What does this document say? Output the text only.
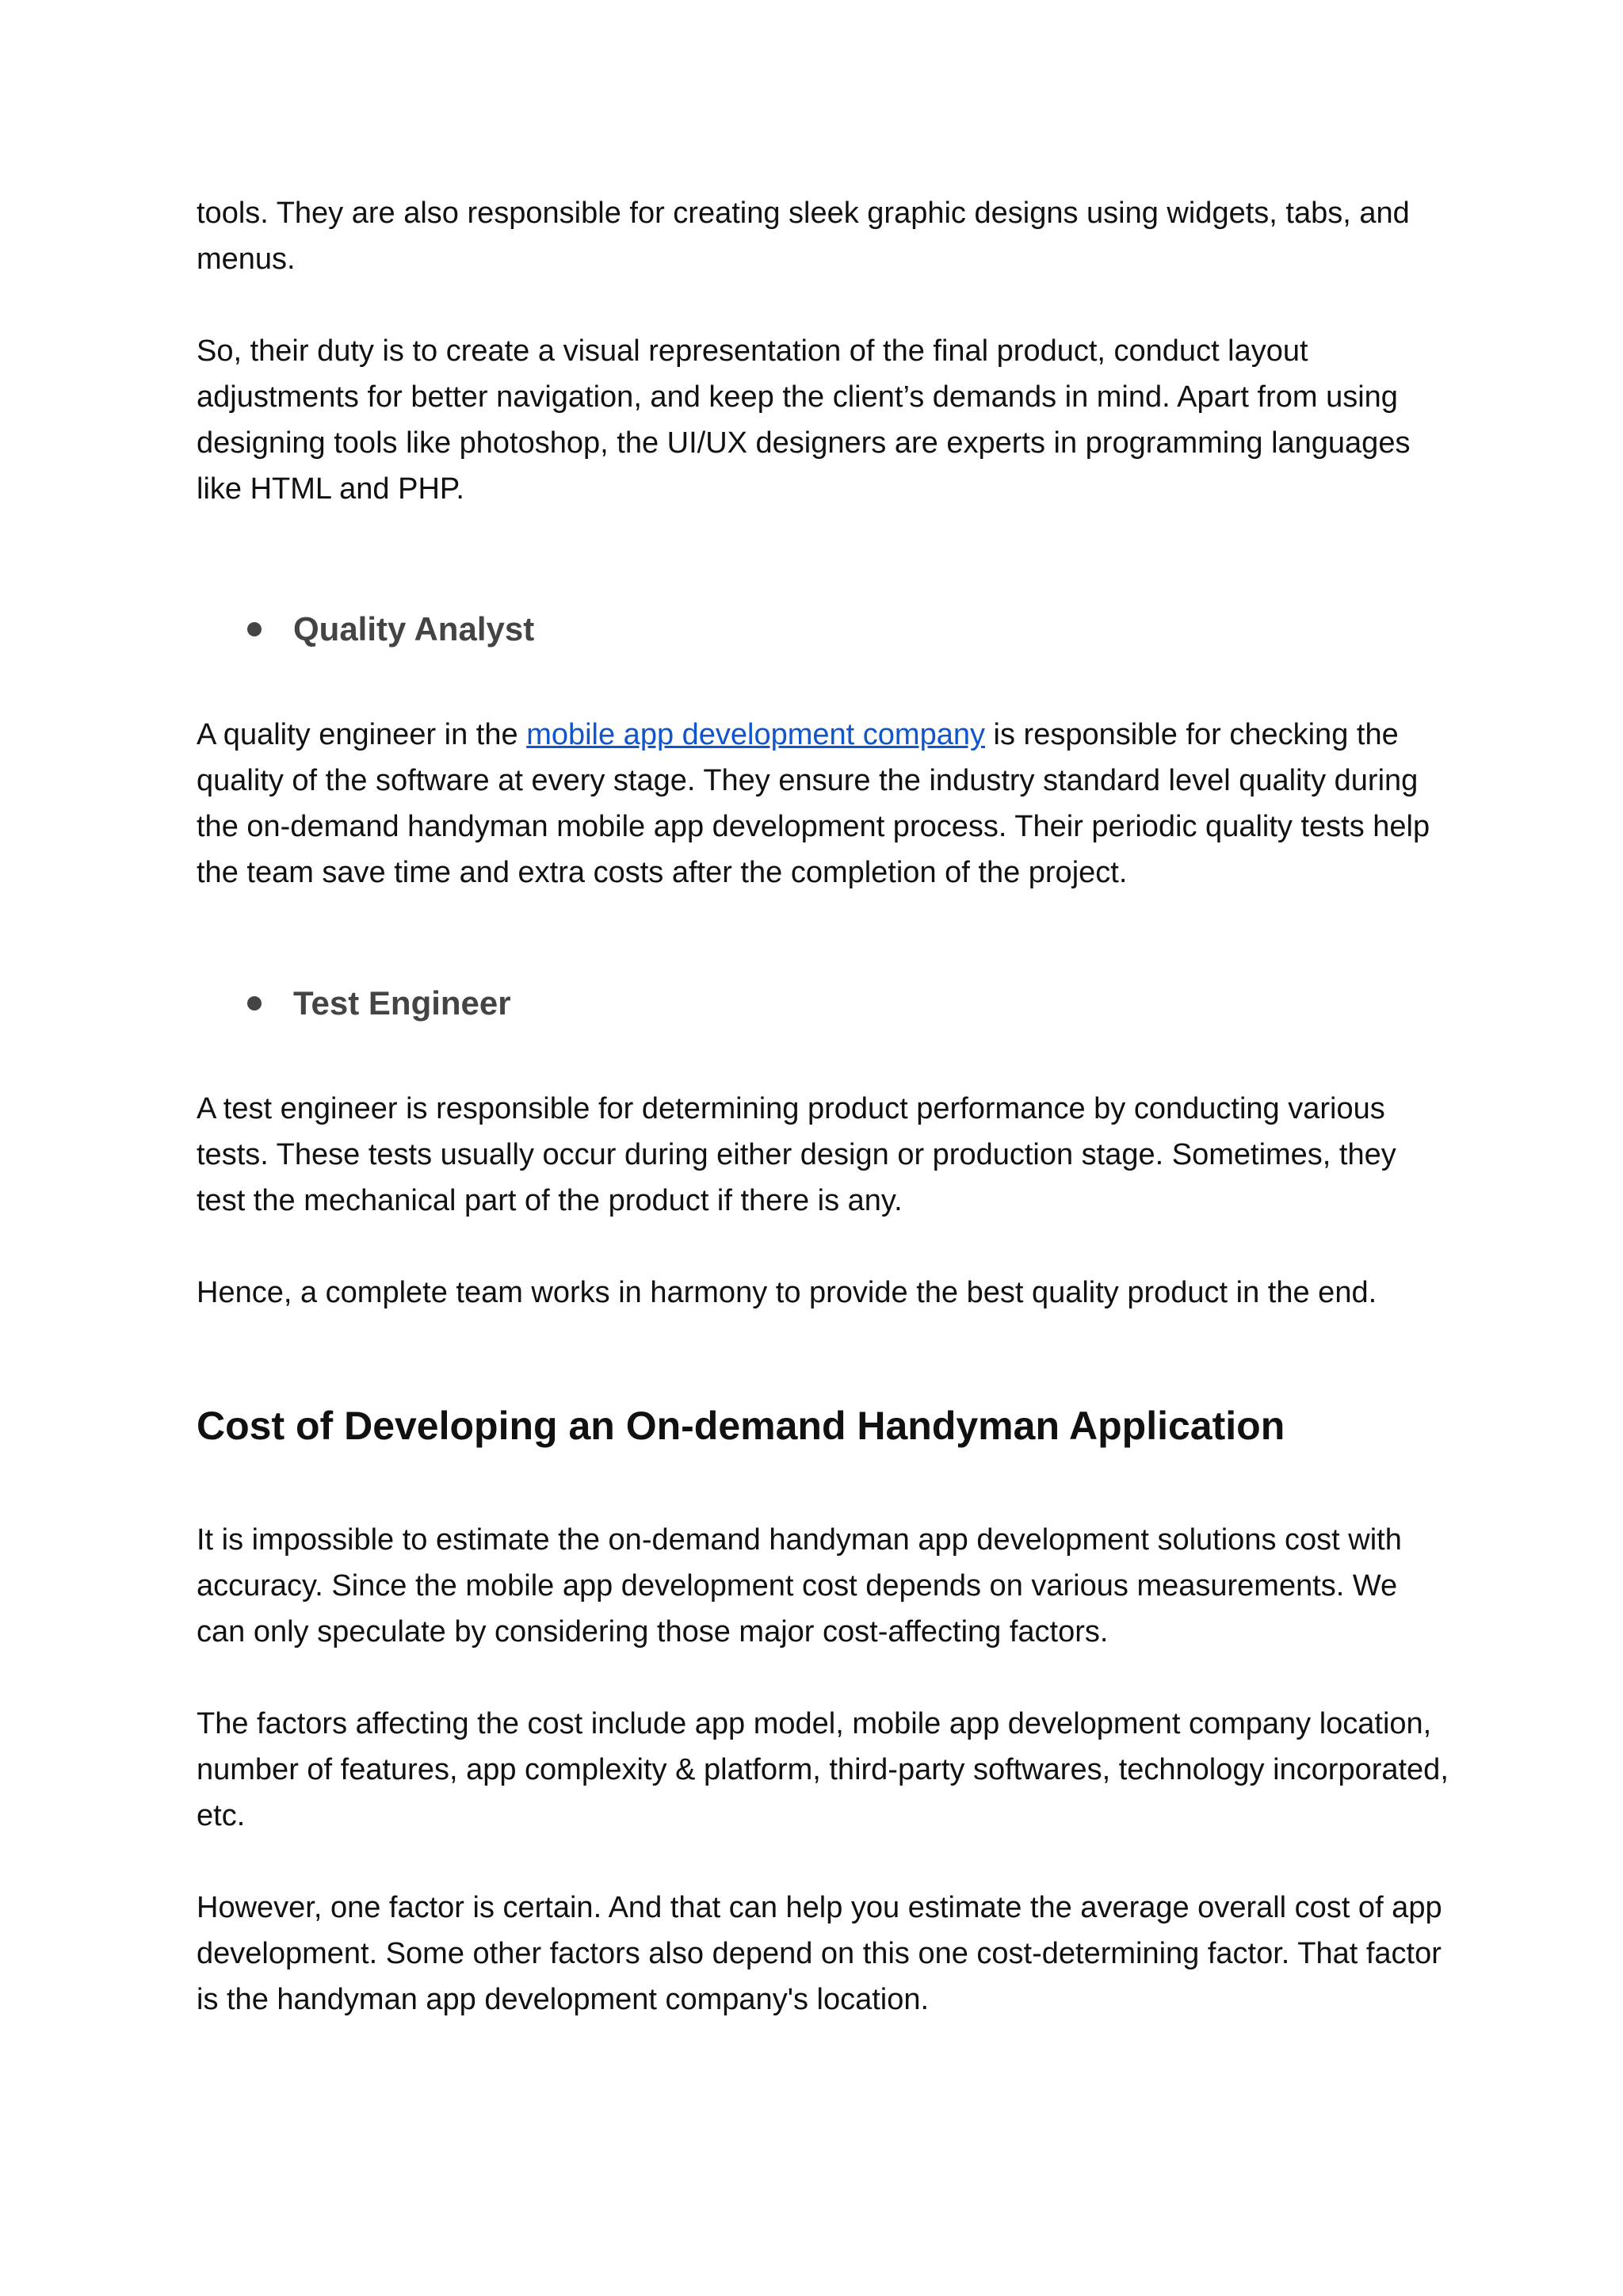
tools. They are also responsible for creating sleek graphic designs using widgets, tabs, and menus.

So, their duty is to create a visual representation of the final product, conduct layout adjustments for better navigation, and keep the client’s demands in mind. Apart from using designing tools like photoshop, the UI/UX designers are experts in programming languages like HTML and PHP.

Quality Analyst

A quality engineer in the mobile app development company is responsible for checking the quality of the software at every stage. They ensure the industry standard level quality during the on-demand handyman mobile app development process. Their periodic quality tests help the team save time and extra costs after the completion of the project.

Test Engineer

A test engineer is responsible for determining product performance by conducting various tests. These tests usually occur during either design or production stage. Sometimes, they test the mechanical part of the product if there is any.

Hence, a complete team works in harmony to provide the best quality product in the end.

Cost of Developing an On-demand Handyman Application

It is impossible to estimate the on-demand handyman app development solutions cost with accuracy. Since the mobile app development cost depends on various measurements. We can only speculate by considering those major cost-affecting factors.

The factors affecting the cost include app model, mobile app development company location, number of features, app complexity & platform, third-party softwares, technology incorporated, etc.

However, one factor is certain. And that can help you estimate the average overall cost of app development. Some other factors also depend on this one cost-determining factor. That factor is the handyman app development company's location.
